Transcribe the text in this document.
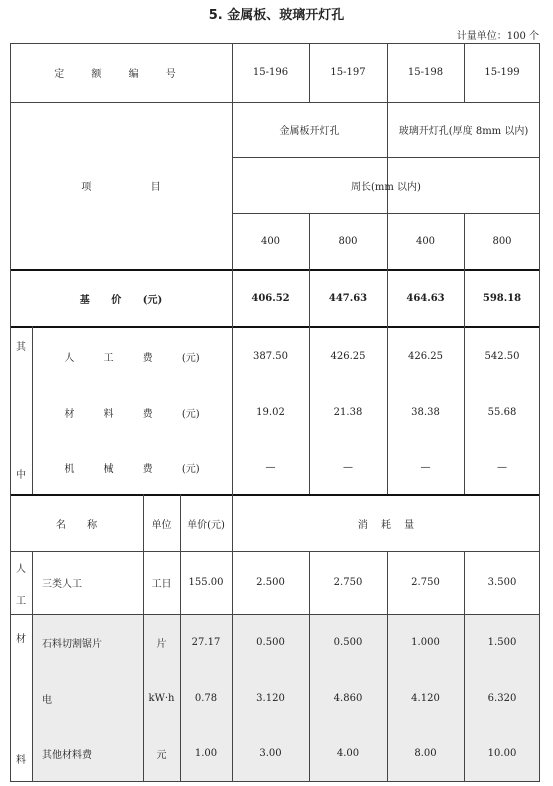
5. 金属板、玻璃开灯孔
计量单位：100 个
定 额 编 号	15-196	15-197	15-198	15-199
项 目
金属板开灯孔	玻璃开灯孔(厚度 8mm 以内)
周长(mm 以内)
400	800	400	800
基 价 (元)	406.52	447.63	464.63	598.18
其
中
人 工 费 (元)	387.50	426.25	426.25	542.50
材 料 费 (元)	19.02	21.38	38.38	55.68
机 械 费 (元)	—	—	—	—
名 称	单位	单价(元)	消 耗 量
人
工
三类人工	工日	155.00	2.500	2.750	2.750	3.500
材
料
石料切割锯片	片	27.17	0.500	0.500	1.000	1.500
电	kW·h	0.78	3.120	4.860	4.120	6.320
其他材料费	元	1.00	3.00	4.00	8.00	10.00
